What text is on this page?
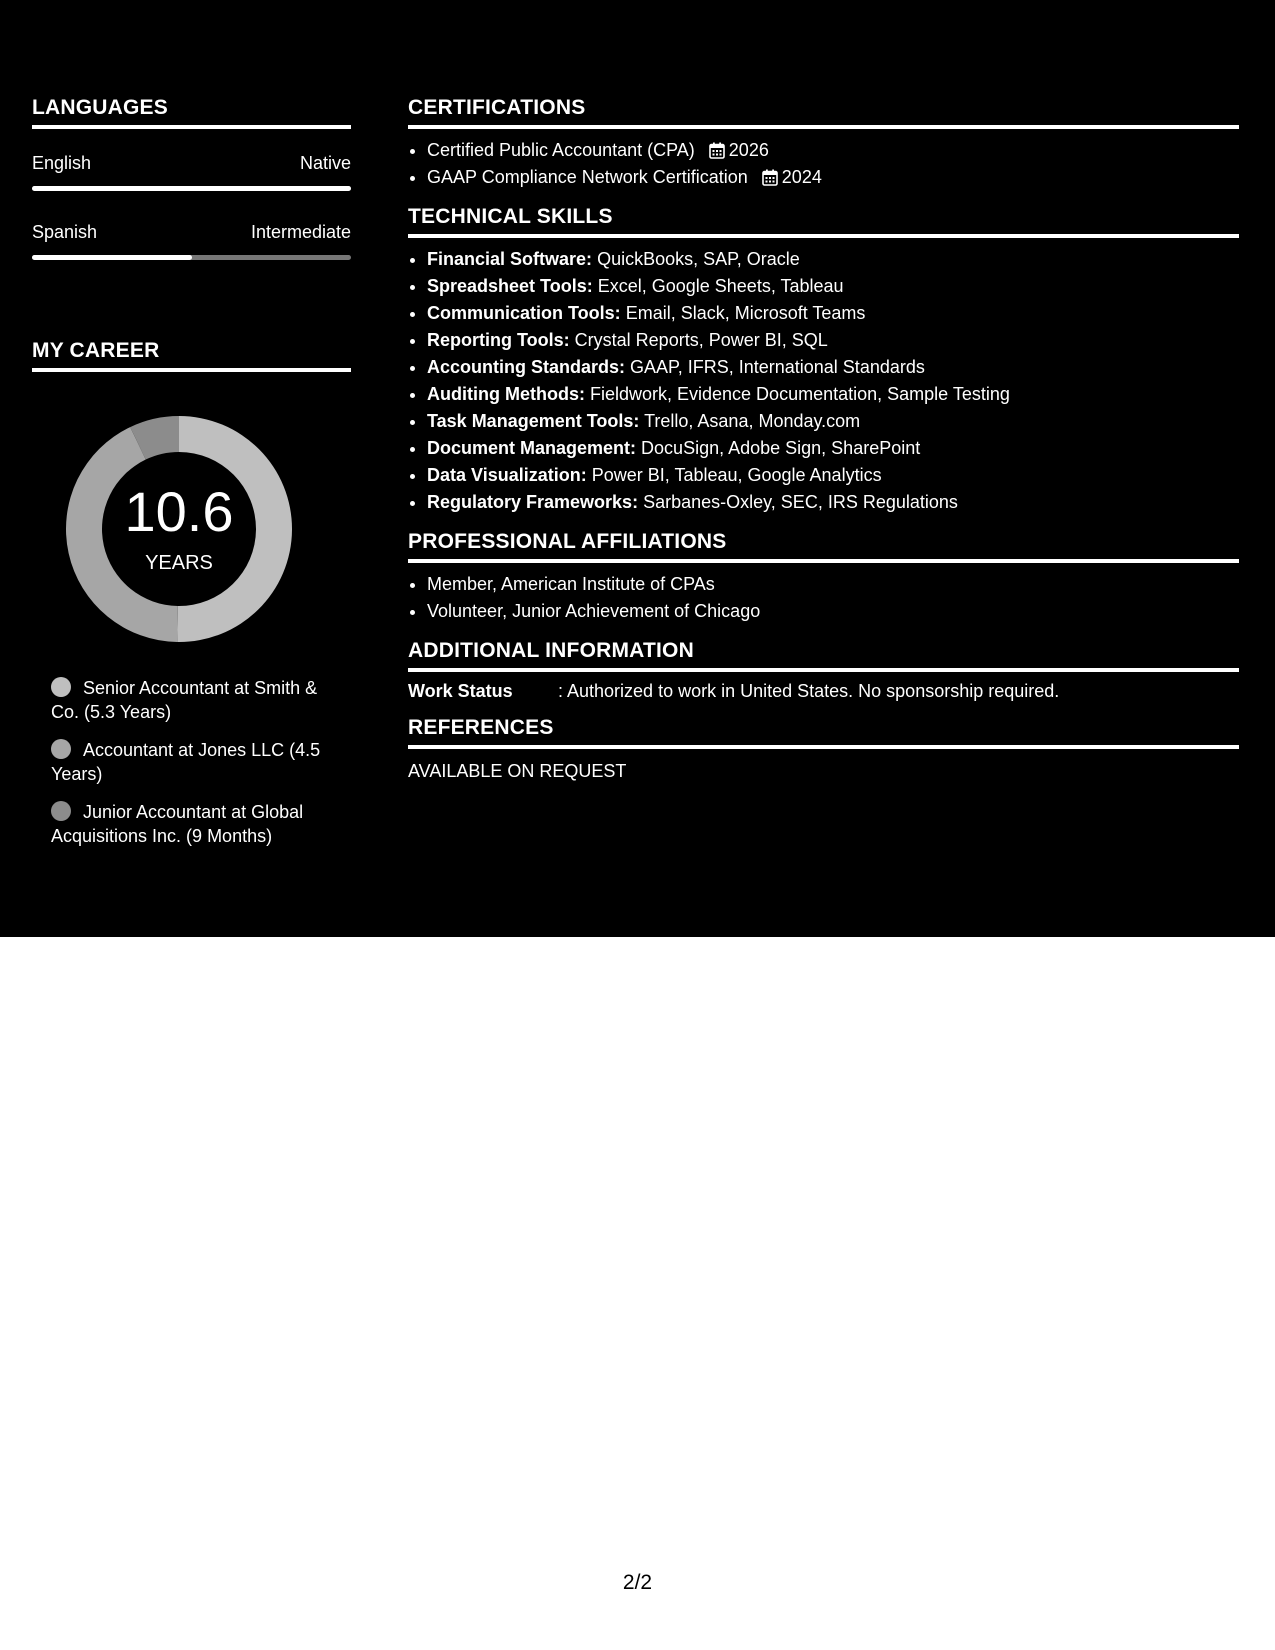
LANGUAGES
English	Native
Spanish	Intermediate
MY CAREER
10.6
YEARS
Senior Accountant at Smith & Co. (5.3 Years)
Accountant at Jones LLC (4.5 Years)
Junior Accountant at Global Acquisitions Inc. (9 Months)
CERTIFICATIONS
• Certified Public Accountant (CPA) 2026
• GAAP Compliance Network Certification 2024
TECHNICAL SKILLS
• Financial Software: QuickBooks, SAP, Oracle
• Spreadsheet Tools: Excel, Google Sheets, Tableau
• Communication Tools: Email, Slack, Microsoft Teams
• Reporting Tools: Crystal Reports, Power BI, SQL
• Accounting Standards: GAAP, IFRS, International Standards
• Auditing Methods: Fieldwork, Evidence Documentation, Sample Testing
• Task Management Tools: Trello, Asana, Monday.com
• Document Management: DocuSign, Adobe Sign, SharePoint
• Data Visualization: Power BI, Tableau, Google Analytics
• Regulatory Frameworks: Sarbanes-Oxley, SEC, IRS Regulations
PROFESSIONAL AFFILIATIONS
• Member, American Institute of CPAs
• Volunteer, Junior Achievement of Chicago
ADDITIONAL INFORMATION
Work Status	: Authorized to work in United States. No sponsorship required.
REFERENCES
AVAILABLE ON REQUEST
2/2
